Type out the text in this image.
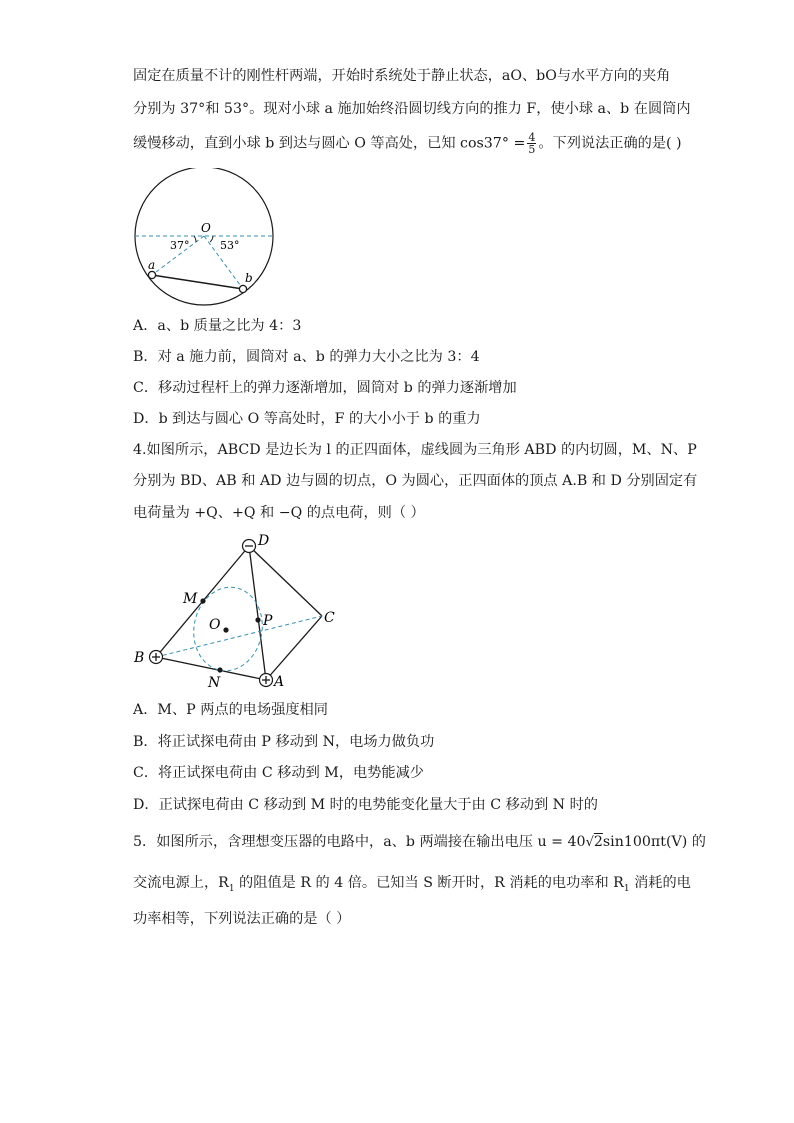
固定在质量不计的刚性杆两端，开始时系统处于静止状态，aO、bO与水平方向的夹角
分别为 37°和 53°。现对小球 a 施加始终沿圆切线方向的推力 F，使小球 a、b 在圆筒内
缓慢移动，直到小球 b 到达与圆心 O 等高处，已知 $\cos 37^\circ = \frac{4}{5}$ 。下列说法正确的是( )
O
a
b
37°	53°
A．a、b 质量之比为 4：3
B．对 a 施力前，圆筒对 a、b 的弹力大小之比为 3：4
C．移动过程杆上的弹力逐渐增加，圆筒对 b 的弹力逐渐增加
D．b 到达与圆心 O 等高处时，F 的大小小于 b 的重力
4.如图所示，ABCD 是边长为 l 的正四面体，虚线圆为三角形 ABD 的内切圆，M、N、P
分别为 BD、AB 和 AD 边与圆的切点，O 为圆心，正四面体的顶点 A.B 和 D 分别固定有
电荷量为 +Q、+Q 和 −Q 的点电荷，则（ ）
D
C
B
A
M
N
O	P
A．M、P 两点的电场强度相同
B．将正试探电荷由 P 移动到 N，电场力做负功
C．将正试探电荷由 C 移动到 M，电势能减少
D．正试探电荷由 C 移动到 M 时的电势能变化量大于由 C 移动到 N 时的
5．如图所示，含理想变压器的电路中，a、b 两端接在输出电压 u = 40√2sin100πt(V) 的
交流电源上，$R_1$ 的阻值是 R 的 4 倍。已知当 S 断开时，R 消耗的电功率和 $R_1$ 消耗的电
功率相等，下列说法正确的是（ ）
